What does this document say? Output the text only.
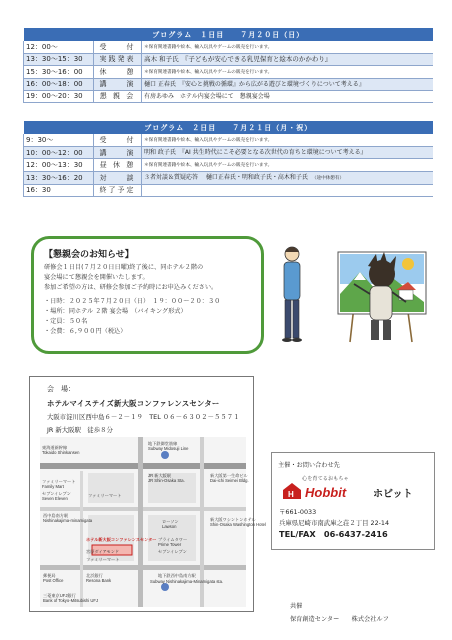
プログラム　１日目　　７月２０日（日）		
12：00～	受　　付	＊保育関連書籍や絵本、輸入玩具やゲームの販売を行います。
13：30～15：30	実践発表	高木 和子氏　『子どもが安心できる乳児保育と絵本のかかわり』
15：30～16：00	休　　憩	＊保育関連書籍や絵本、輸入玩具やゲームの販売を行います。
16：00～18：00	講　　演	樋口 正春氏　『安心と挑戦の循環』から広がる遊びと環境づくりについて考える』
19：00～20：30	懇 親 会	有房あゆみ　ホテル内宴会場にて　懇親宴会場
プログラム　２日目　　７月２１日（月・祝）		
9：30～	受　　付	＊保育関連書籍や絵本、輸入玩具やゲームの販売を行います。
10：00～12：00	講　　演	明和 政子氏　『AI 共生時代にこそ必要となる次世代の育ちと環境について考える』
12：00～13：30	昼 休 憩	＊保育関連書籍や絵本、輸入玩具やゲームの販売を行います。
13：30～16：20	対　　談	３者対談＆質疑応答　 樋口正春氏・明和政子氏・高木和子氏 （途中休憩有）
16：30	終了予定	
【懇親会のお知らせ】

研修会１日目(７月２０日日曜)終了後に、同ホテル２階の

宴会場にて懇親会を開催いたします。

参加ご希望の方は、研修会参加ご予約時にお申込みください。

・日時：２０２５年７月２０日（日）　１９：００～２０：３０

・場所：同ホテル ２階 宴会場　（バイキング形式）

・定員：５０名

・会費：６,９００円（税込）

会　場：
ホテルマイステイズ新大阪コンファレンスセンター
大阪市淀川区西中島６－２－１９　TEL ０６－６３０２－５５７１
JR 新大阪駅　徒歩８分
東海道新幹線
Tokaido Shinkansen
地下鉄御堂筋線
Subway Midosuji Line
JR 新大阪駅
JR Shin-Osaka Sta.
ファミリーマート
Family Mart
セブンイレブン
Seven Eleven
ファミリーマート
ローソン
Lawson
西中島南方駅
Nishinakajima-minamigata
プライムタワー
Prime Tower
セブンイレブン
ホテル新大阪コンファレンスセンター
宮原ダイアモンド
ファミリーマート
郵便局
Post Office
北浜銀行
Resona Bank
三菱東京UFJ銀行
Bank of Tokyo-Mitsubishi UFJ
地下鉄西中島南方駅
Subway Nishinakajima-Minamigata sta.
新大阪第一生命ビル
Dai-ichi Seimei Bldg.
新大阪ワシントンホテル
Shin-Osaka Washington Hotel
主催・お問い合わせ先
心を育てるおもちゃ
H Hobbit	ホビット
〒661-0033
兵庫県尼崎市南武庫之荘２丁目 22-14
TEL/FAX　06-6437-2416
共催
保育創造センター　　株式会社ルフ
